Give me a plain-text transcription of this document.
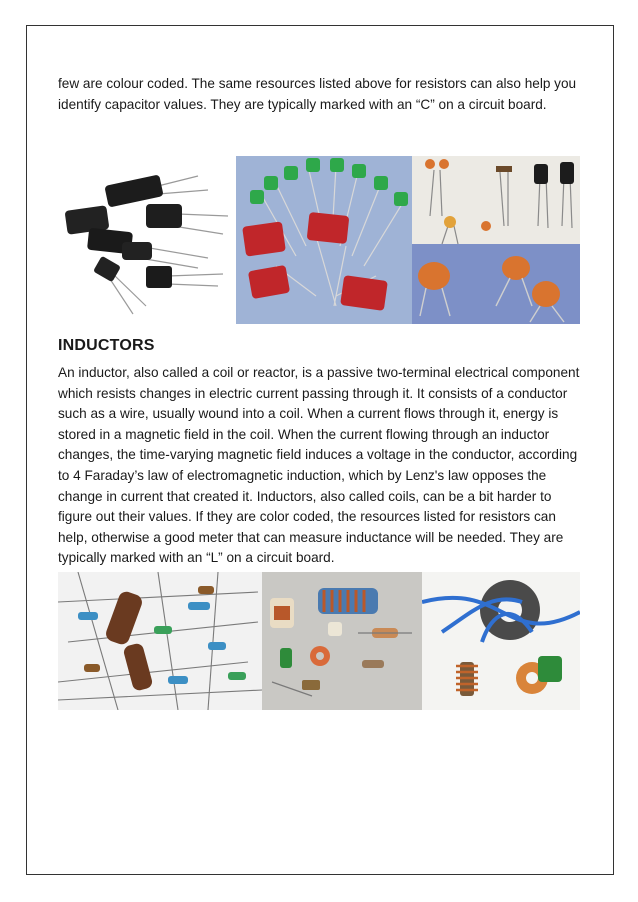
few are colour coded. The same resources listed above for resistors can also help you identify capacitor values. They are typically marked with an “C” on a circuit board.

INDUCTORS

An inductor, also called a coil or reactor, is a passive two-terminal electrical component which resists changes in electric current passing through it. It consists of a conductor such as a wire, usually wound into a coil. When a current flows through it, energy is stored in a magnetic field in the coil. When the current flowing through an inductor changes, the time-varying magnetic field induces a voltage in the conductor, according to 4 Faraday’s law of electromagnetic induction, which by Lenz's law opposes the change in current that created it. Inductors, also called coils, can be a bit harder to figure out their values. If they are color coded, the resources listed for resistors can help, otherwise a good meter that can measure inductance will be needed. They are typically marked with an “L” on a circuit board.
